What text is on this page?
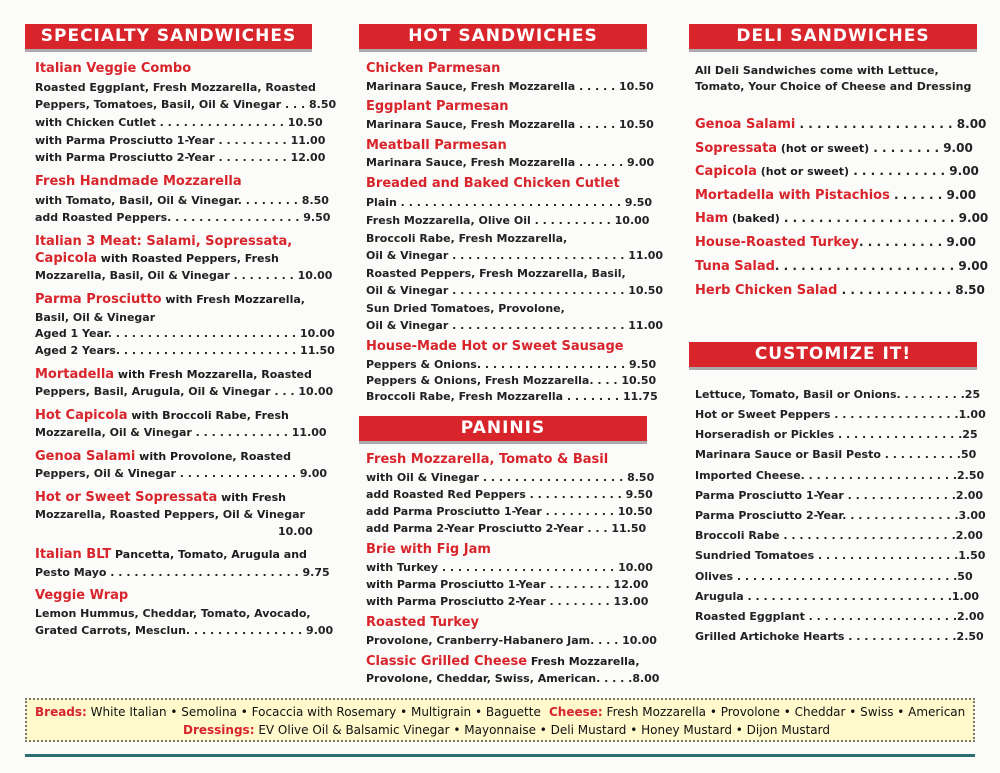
SPECIALTY SANDWICHES
Italian Veggie Combo
Roasted Eggplant, Fresh Mozzarella, Roasted
Peppers, Tomatoes, Basil, Oil & Vinegar . . . 8.50
with Chicken Cutlet . . . . . . . . . . . . . . . . 10.50
with Parma Prosciutto 1-Year . . . . . . . . . 11.00
with Parma Prosciutto 2-Year . . . . . . . . . 12.00
Fresh Handmade Mozzarella
with Tomato, Basil, Oil & Vinegar. . . . . . . . 8.50
add Roasted Peppers. . . . . . . . . . . . . . . . . 9.50
Italian 3 Meat: Salami, Sopressata,
Capicola with Roasted Peppers, Fresh
Mozzarella, Basil, Oil & Vinegar . . . . . . . . 10.00
Parma Prosciutto with Fresh Mozzarella,
Basil, Oil & Vinegar
Aged 1 Year. . . . . . . . . . . . . . . . . . . . . . . . 10.00
Aged 2 Years. . . . . . . . . . . . . . . . . . . . . . . 11.50
Mortadella with Fresh Mozzarella, Roasted
Peppers, Basil, Arugula, Oil & Vinegar . . . 10.00
Hot Capicola with Broccoli Rabe, Fresh
Mozzarella, Oil & Vinegar . . . . . . . . . . . . 11.00
Genoa Salami with Provolone, Roasted
Peppers, Oil & Vinegar . . . . . . . . . . . . . . . 9.00
Hot or Sweet Sopressata with Fresh
Mozzarella, Roasted Peppers, Oil & Vinegar
10.00
Italian BLT Pancetta, Tomato, Arugula and
Pesto Mayo . . . . . . . . . . . . . . . . . . . . . . . . 9.75
Veggie Wrap
Lemon Hummus, Cheddar, Tomato, Avocado,
Grated Carrots, Mesclun. . . . . . . . . . . . . . . 9.00
HOT SANDWICHES
Chicken Parmesan
Marinara Sauce, Fresh Mozzarella . . . . . 10.50
Eggplant Parmesan
Marinara Sauce, Fresh Mozzarella . . . . . 10.50
Meatball Parmesan
Marinara Sauce, Fresh Mozzarella . . . . . . 9.00
Breaded and Baked Chicken Cutlet
Plain . . . . . . . . . . . . . . . . . . . . . . . . . . . . 9.50
Fresh Mozzarella, Olive Oil . . . . . . . . . . 10.00
Broccoli Rabe, Fresh Mozzarella,
Oil & Vinegar . . . . . . . . . . . . . . . . . . . . . . 11.00
Roasted Peppers, Fresh Mozzarella, Basil,
Oil & Vinegar . . . . . . . . . . . . . . . . . . . . . . 10.50
Sun Dried Tomatoes, Provolone,
Oil & Vinegar . . . . . . . . . . . . . . . . . . . . . . 11.00
House-Made Hot or Sweet Sausage
Peppers & Onions. . . . . . . . . . . . . . . . . . . 9.50
Peppers & Onions, Fresh Mozzarella. . . . 10.50
Broccoli Rabe, Fresh Mozzarella . . . . . . . 11.75
PANINIS
Fresh Mozzarella, Tomato & Basil
with Oil & Vinegar . . . . . . . . . . . . . . . . . . 8.50
add Roasted Red Peppers . . . . . . . . . . . . 9.50
add Parma Prosciutto 1-Year . . . . . . . . . 10.50
add Parma 2-Year Prosciutto 2-Year . . . 11.50
Brie with Fig Jam
with Turkey . . . . . . . . . . . . . . . . . . . . . . 10.00
with Parma Prosciutto 1-Year . . . . . . . . 12.00
with Parma Prosciutto 2-Year . . . . . . . . 13.00
Roasted Turkey
Provolone, Cranberry-Habanero Jam. . . . 10.00
Classic Grilled Cheese Fresh Mozzarella,
Provolone, Cheddar, Swiss, American. . . . .8.00
DELI SANDWICHES
All Deli Sandwiches come with Lettuce,
Tomato, Your Choice of Cheese and Dressing
Genoa Salami . . . . . . . . . . . . . . . . . . 8.00
Sopressata (hot or sweet) . . . . . . . . 9.00
Capicola (hot or sweet) . . . . . . . . . . . 9.00
Mortadella with Pistachios . . . . . . 9.00
Ham (baked) . . . . . . . . . . . . . . . . . . . . 9.00
House-Roasted Turkey. . . . . . . . . . 9.00
Tuna Salad. . . . . . . . . . . . . . . . . . . . . 9.00
Herb Chicken Salad . . . . . . . . . . . . . 8.50
CUSTOMIZE IT!
Lettuce, Tomato, Basil or Onions. . . . . . . . .25
Hot or Sweet Peppers . . . . . . . . . . . . . . . .1.00
Horseradish or Pickles . . . . . . . . . . . . . . . .25
Marinara Sauce or Basil Pesto . . . . . . . . . .50
Imported Cheese. . . . . . . . . . . . . . . . . . . .2.50
Parma Prosciutto 1-Year . . . . . . . . . . . . . .2.00
Parma Prosciutto 2-Year. . . . . . . . . . . . . . .3.00
Broccoli Rabe . . . . . . . . . . . . . . . . . . . . . .2.00
Sundried Tomatoes . . . . . . . . . . . . . . . . . .1.50
Olives . . . . . . . . . . . . . . . . . . . . . . . . . . . .50
Arugula . . . . . . . . . . . . . . . . . . . . . . . . . .1.00
Roasted Eggplant . . . . . . . . . . . . . . . . . . .2.00
Grilled Artichoke Hearts . . . . . . . . . . . . . .2.50
Breads: White Italian • Semolina • Focaccia with Rosemary • Multigrain • Baguette Cheese: Fresh Mozzarella • Provolone • Cheddar • Swiss • American
Dressings: EV Olive Oil & Balsamic Vinegar • Mayonnaise • Deli Mustard • Honey Mustard • Dijon Mustard
